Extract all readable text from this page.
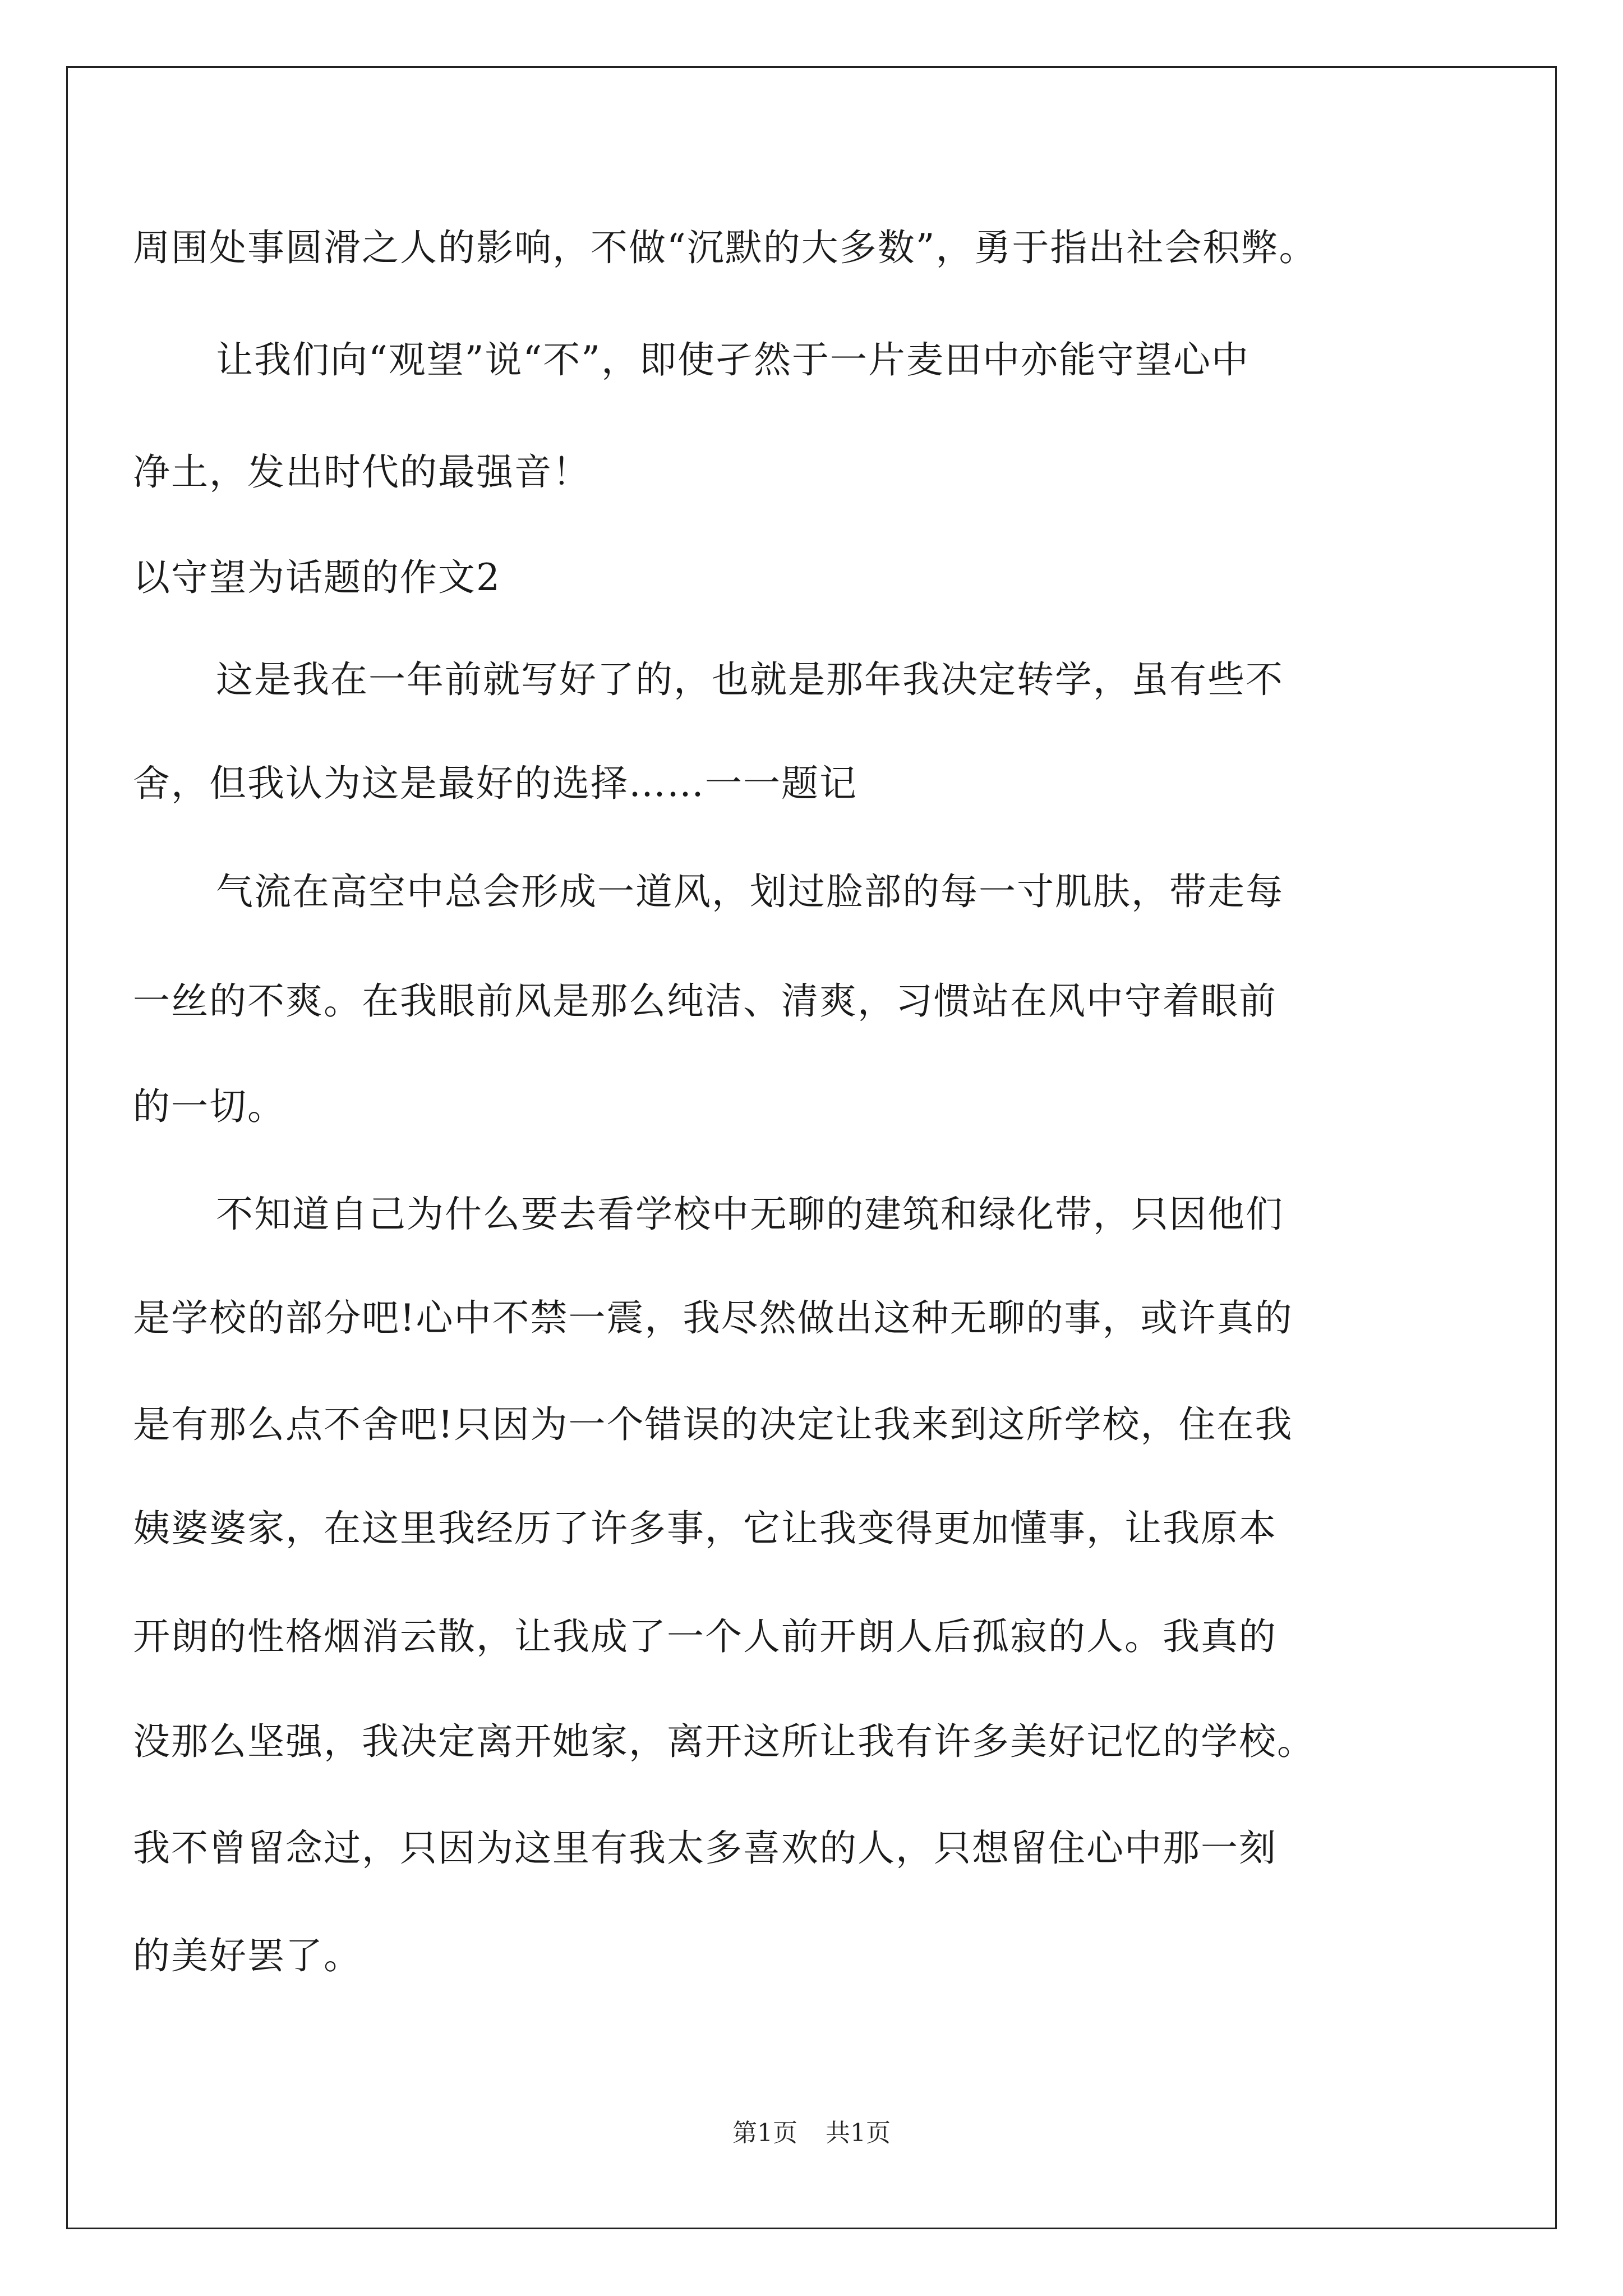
周围处事圆滑之人的影响，不做“沉默的大多数”，勇于指出社会积弊。
让我们向“观望”说“不”，即使孑然于一片麦田中亦能守望心中
净土，发出时代的最强音！
以守望为话题的作文2
这是我在一年前就写好了的，也就是那年我决定转学，虽有些不
舍，但我认为这是最好的选择……一一题记
气流在高空中总会形成一道风，划过脸部的每一寸肌肤，带走每
一丝的不爽。在我眼前风是那么纯洁、清爽，习惯站在风中守着眼前
的一切。
不知道自己为什么要去看学校中无聊的建筑和绿化带，只因他们
是学校的部分吧!心中不禁一震，我尽然做出这种无聊的事，或许真的
是有那么点不舍吧!只因为一个错误的决定让我来到这所学校，住在我
姨婆婆家，在这里我经历了许多事，它让我变得更加懂事，让我原本
开朗的性格烟消云散，让我成了一个人前开朗人后孤寂的人。我真的
没那么坚强，我决定离开她家，离开这所让我有许多美好记忆的学校。
我不曾留念过，只因为这里有我太多喜欢的人，只想留住心中那一刻
的美好罢了。
第1页 共1页
